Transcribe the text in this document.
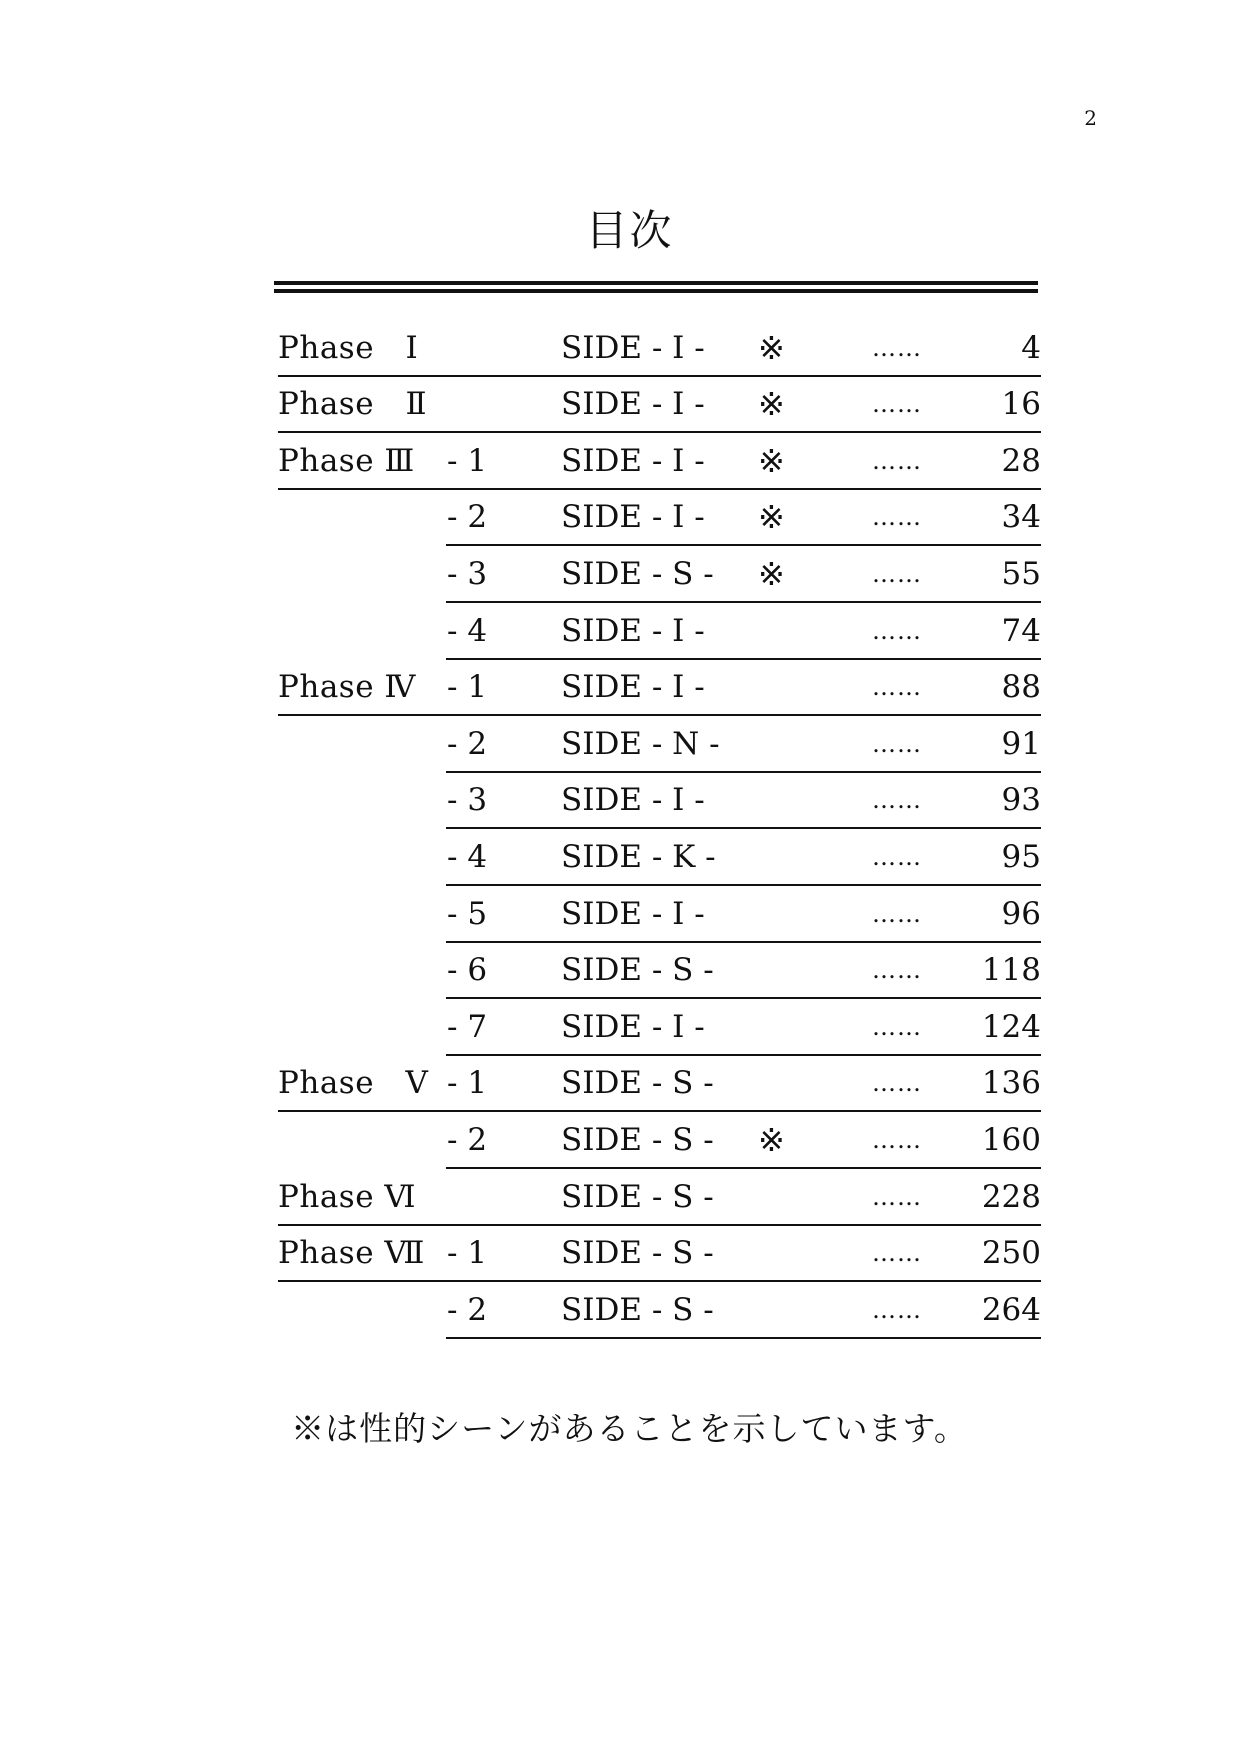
2
目次
Phase　Ⅰ	SIDE - I - ※	……	4
Phase　Ⅱ	SIDE - I - ※	……	16
Phase Ⅲ - 1 SIDE - I - ※	……	28
- 2 SIDE - I - ※	……	34
- 3 SIDE - S - ※	……	55
- 4 SIDE - I -	……	74
Phase Ⅳ - 1 SIDE - I -	……	88
- 2 SIDE - N -	……	91
- 3 SIDE - I -	……	93
- 4 SIDE - K -	……	95
- 5 SIDE - I -	……	96
- 6 SIDE - S -	…… 118
- 7 SIDE - I -	…… 124
Phase　Ⅴ - 1 SIDE - S -	…… 136
- 2 SIDE - S - ※	…… 160
Phase Ⅵ	SIDE - S -	…… 228
Phase Ⅶ - 1 SIDE - S -	…… 250
- 2 SIDE - S -	…… 264
※は性的シーンがあることを示しています。
